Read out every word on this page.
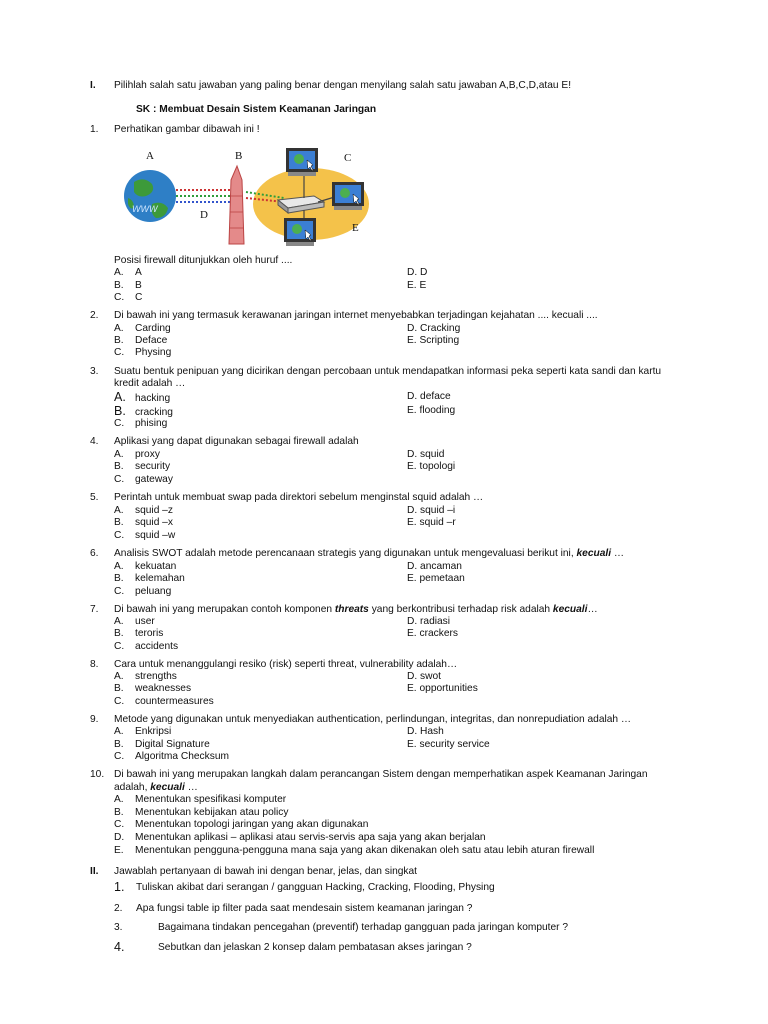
I. Pilihlah salah satu jawaban yang paling benar dengan menyilang salah satu jawaban A,B,C,D,atau E!
SK : Membuat Desain Sistem Keamanan Jaringan
1. Perhatikan gambar dibawah ini !
WWW
A	B	C
D
E
Posisi firewall ditunjukkan oleh huruf ....
A. A
B. B
C. C
D. D
E. E
2. Di bawah ini yang termasuk kerawanan jaringan internet menyebabkan terjadingan kejahatan .... kecuali ....
A. Carding
B. Deface
C. Physing
D. Cracking
E. Scripting
3. Suatu bentuk penipuan yang dicirikan dengan percobaan untuk mendapatkan informasi peka seperti kata sandi dan kartu
kredit adalah …
A. hacking
B. cracking
C. phising
D. deface
E. flooding
4. Aplikasi yang dapat digunakan sebagai firewall adalah
A. proxy
B. security
C. gateway
D. squid
E. topologi
5. Perintah untuk membuat swap pada direktori sebelum menginstal squid adalah …
A. squid –z
B. squid –x
C. squid –w
D. squid –i
E. squid –r
6. Analisis SWOT adalah metode perencanaan strategis yang digunakan untuk mengevaluasi berikut ini, kecuali …
A. kekuatan
B. kelemahan
C. peluang
D. ancaman
E. pemetaan
7. Di bawah ini yang merupakan contoh komponen threats yang berkontribusi terhadap risk adalah kecuali…
A. user
B. teroris
C. accidents
D. radiasi
E. crackers
8. Cara untuk menanggulangi resiko (risk) seperti threat, vulnerability adalah…
A. strengths
B. weaknesses
C. countermeasures
D. swot
E. opportunities
9. Metode yang digunakan untuk menyediakan authentication, perlindungan, integritas, dan nonrepudiation adalah …
A. Enkripsi
B. Digital Signature
C. Algoritma Checksum
D. Hash
E. security service
10. Di bawah ini yang merupakan langkah dalam perancangan Sistem dengan memperhatikan aspek Keamanan Jaringan
adalah, kecuali …
A. Menentukan spesifikasi komputer
B. Menentukan kebijakan atau policy
C. Menentukan topologi jaringan yang akan digunakan
D. Menentukan aplikasi – aplikasi atau servis-servis apa saja yang akan berjalan
E. Menentukan pengguna-pengguna mana saja yang akan dikenakan oleh satu atau lebih aturan firewall
II. Jawablah pertanyaan di bawah ini dengan benar, jelas, dan singkat
1. Tuliskan akibat dari serangan / gangguan Hacking, Cracking, Flooding, Physing
2. Apa fungsi table ip filter pada saat mendesain sistem keamanan jaringan ?
3.	Bagaimana tindakan pencegahan (preventif) terhadap gangguan pada jaringan komputer ?
4.	Sebutkan dan jelaskan 2 konsep dalam pembatasan akses jaringan ?
